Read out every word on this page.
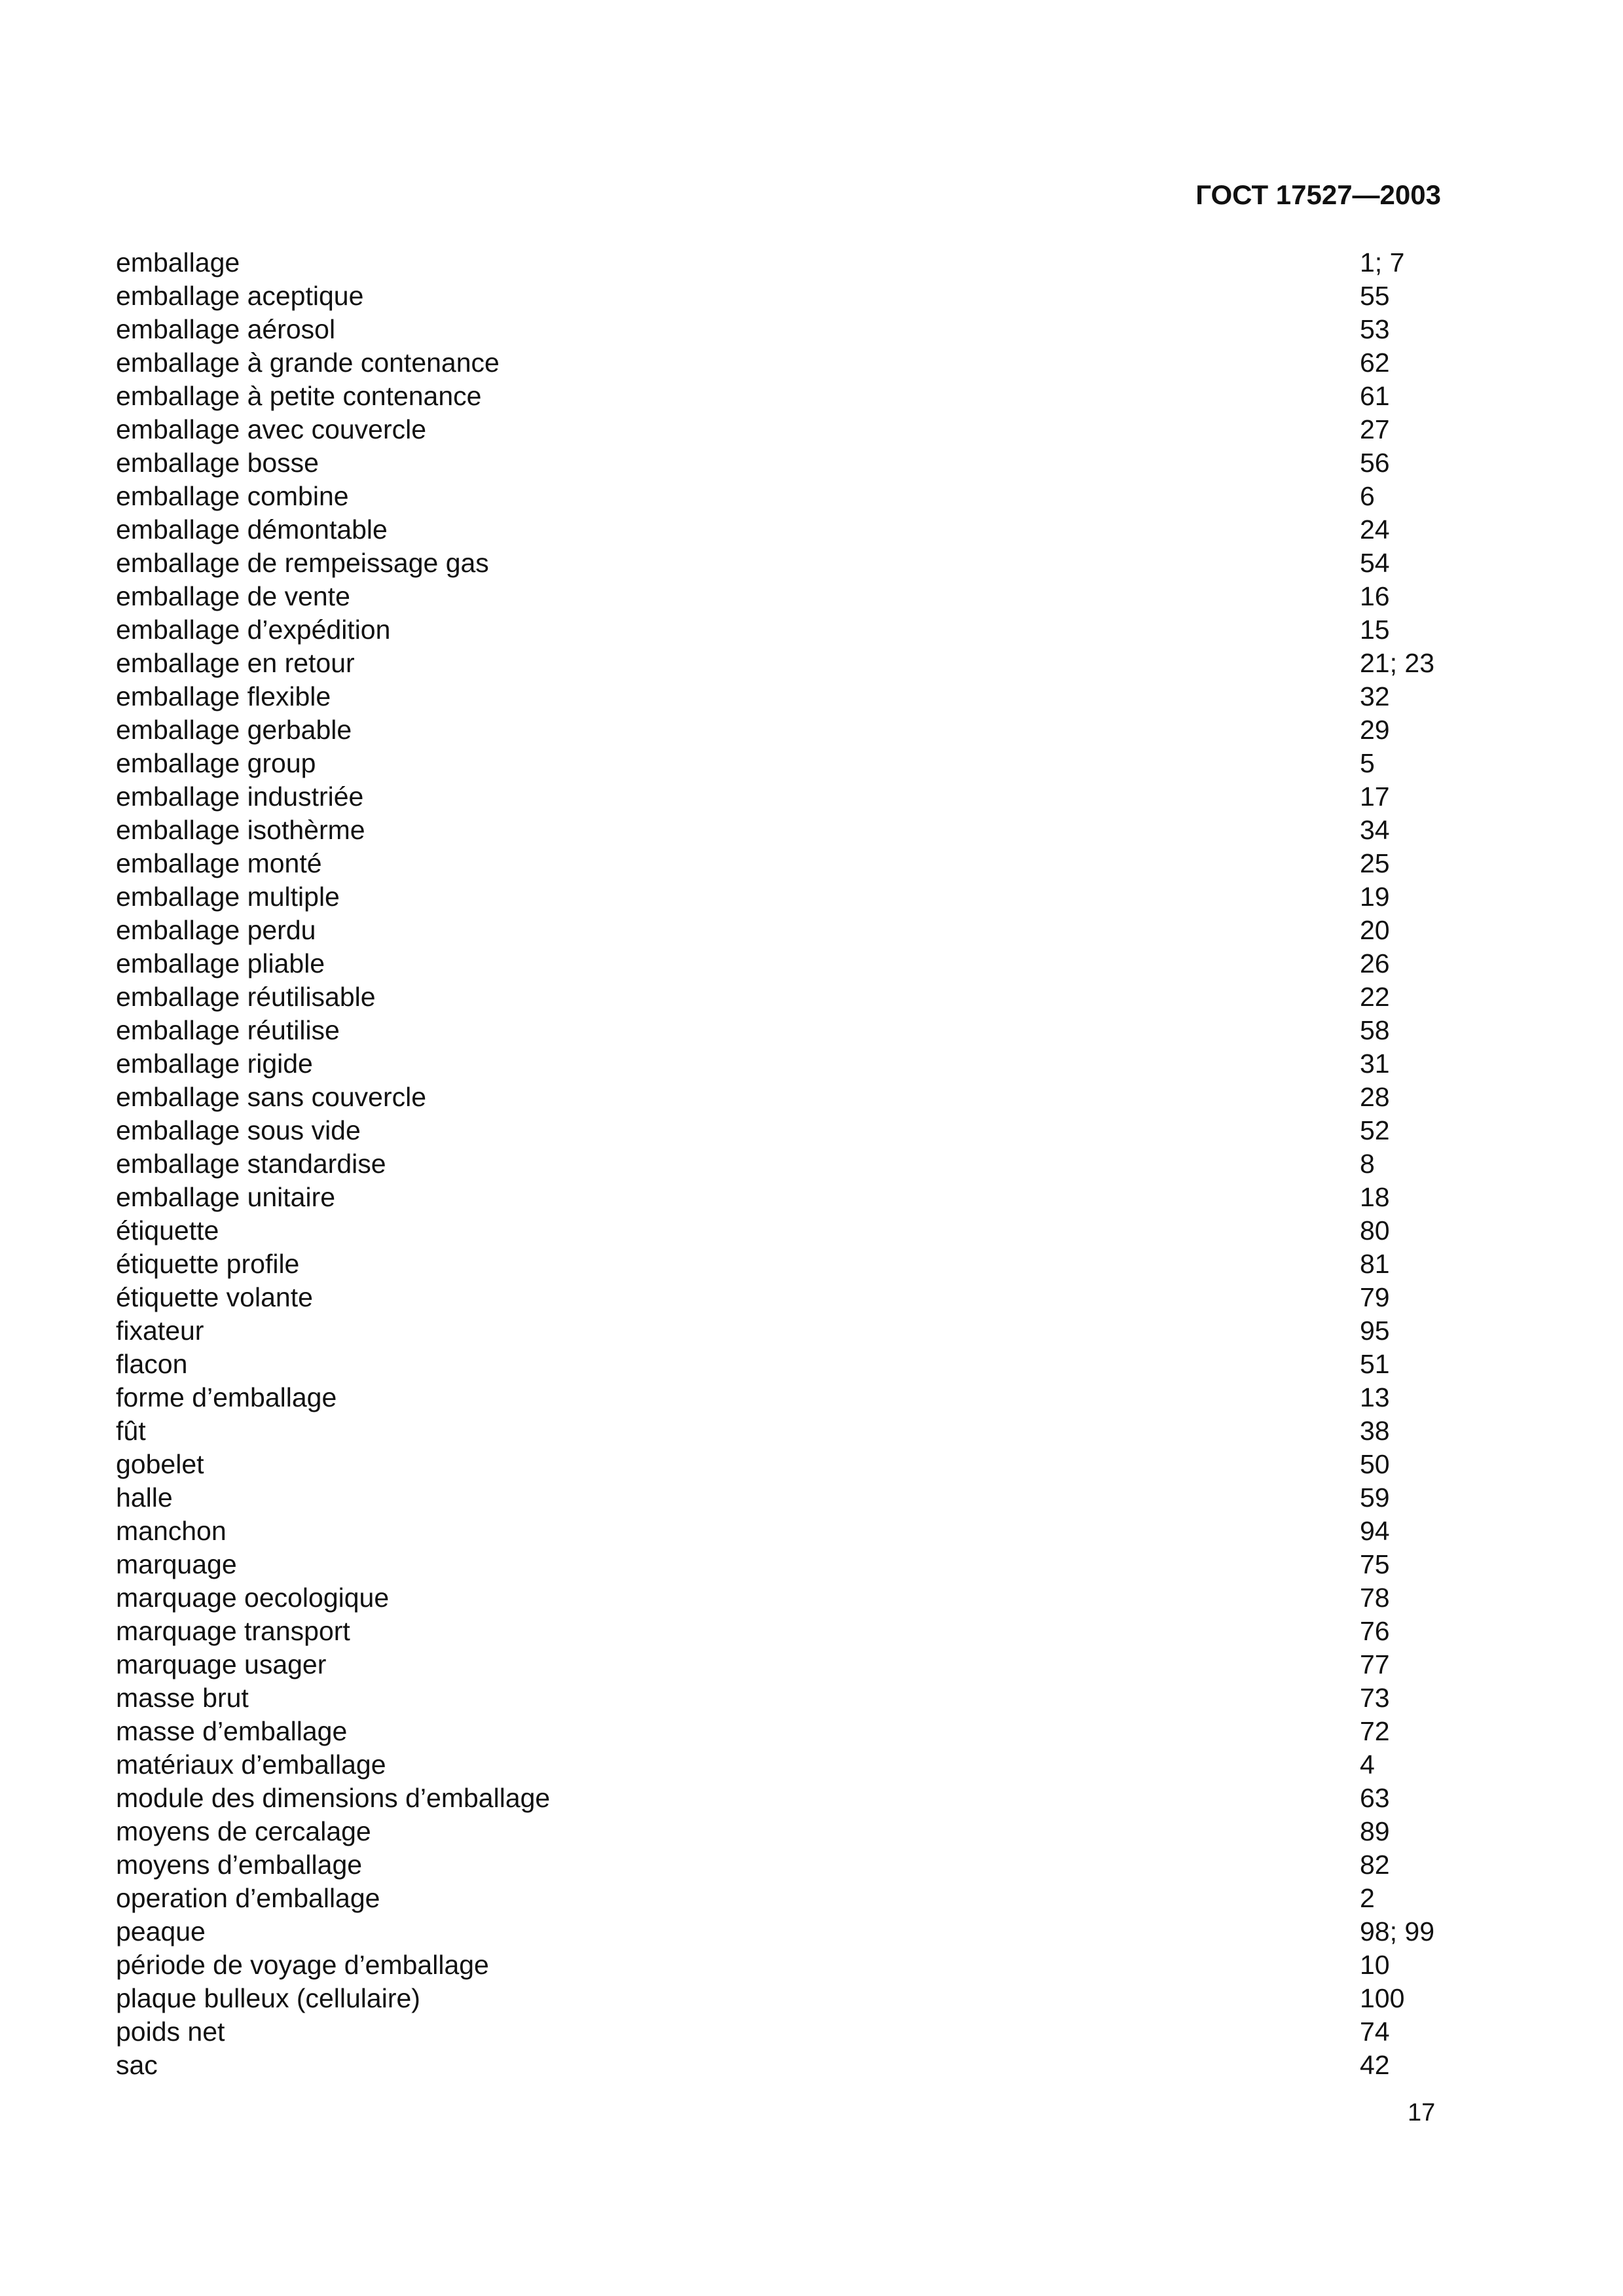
ГОСТ 17527—2003
emballage	1; 7
emballage aceptique	55
emballage aérosol	53
emballage à grande contenance	62
emballage à petite contenance	61
emballage avec couvercle	27
emballage bosse	56
emballage combine	6
emballage démontable	24
emballage de rempeissage gas	54
emballage de vente	16
emballage d’expédition	15
emballage en retour	21; 23
emballage flexible	32
emballage gerbable	29
emballage group	5
emballage industriée	17
emballage isothèrme	34
emballage monté	25
emballage multiple	19
emballage perdu	20
emballage pliable	26
emballage réutilisable	22
emballage réutilise	58
emballage rigide	31
emballage sans couvercle	28
emballage sous vide	52
emballage standardise	8
emballage unitaire	18
étiquette	80
étiquette profile	81
étiquette volante	79
fixateur	95
flacon	51
forme d’emballage	13
fût	38
gobelet	50
halle	59
manchon	94
marquage	75
marquage oecologique	78
marquage transport	76
marquage usager	77
masse brut	73
masse d’emballage	72
matériaux d’emballage	4
module des dimensions d’emballage	63
moyens de cercalage	89
moyens d’emballage	82
operation d’emballage	2
peaque	98; 99
période de voyage d’emballage	10
plaque bulleux (cellulaire)	100
poids net	74
sac	42
17
